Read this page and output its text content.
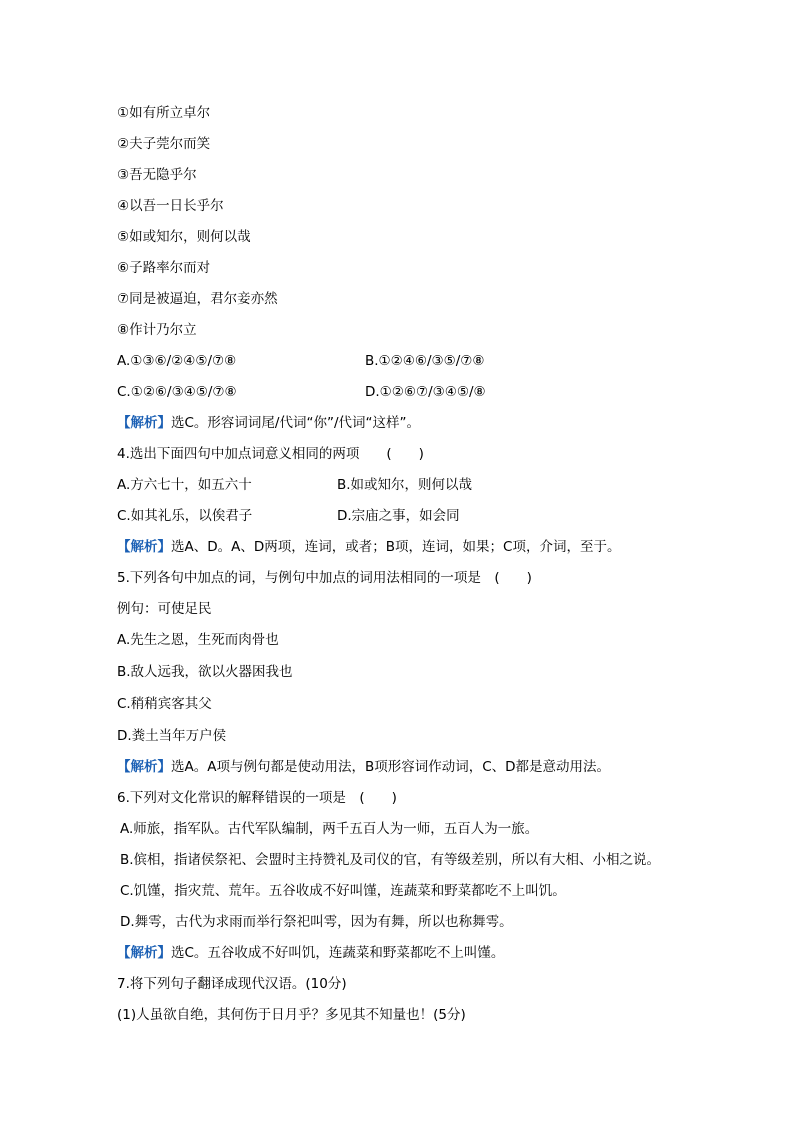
①如有所立卓尔
②夫子莞尔而笑
③吾无隐乎尔
④以吾一日长乎尔
⑤如或知尔，则何以哉
⑥子路率尔而对
⑦同是被逼迫，君尔妾亦然
⑧作计乃尔立
A.①③⑥/②④⑤/⑦⑧	B.①②④⑥/③⑤/⑦⑧
C.①②⑥/③④⑤/⑦⑧	D.①②⑥⑦/③④⑤/⑧
【解析】选C。形容词词尾/代词“你”/代词“这样”。
4.选出下面四句中加点词意义相同的两项　　(　　)
A.方六七十，如五六十	B.如或知尔，则何以哉
C.如其礼乐，以俟君子	D.宗庙之事，如会同
【解析】选A、D。A、D两项，连词，或者；B项，连词，如果；C项，介词，至于。
5.下列各句中加点的词，与例句中加点的词用法相同的一项是　(　　)
例句：可使足民
A.先生之恩，生死而肉骨也
B.敌人远我，欲以火器困我也
C.稍稍宾客其父
D.粪土当年万户侯
【解析】选A。A项与例句都是使动用法，B项形容词作动词，C、D都是意动用法。
6.下列对文化常识的解释错误的一项是　(　　)
A.师旅，指军队。古代军队编制，两千五百人为一师，五百人为一旅。
B.傧相，指诸侯祭祀、会盟时主持赞礼及司仪的官，有等级差别，所以有大相、小相之说。
C.饥馑，指灾荒、荒年。五谷收成不好叫馑，连蔬菜和野菜都吃不上叫饥。
D.舞雩，古代为求雨而举行祭祀叫雩，因为有舞，所以也称舞雩。
【解析】选C。五谷收成不好叫饥，连蔬菜和野菜都吃不上叫馑。
7.将下列句子翻译成现代汉语。(10分)
(1)人虽欲自绝，其何伤于日月乎？多见其不知量也！(5分)
